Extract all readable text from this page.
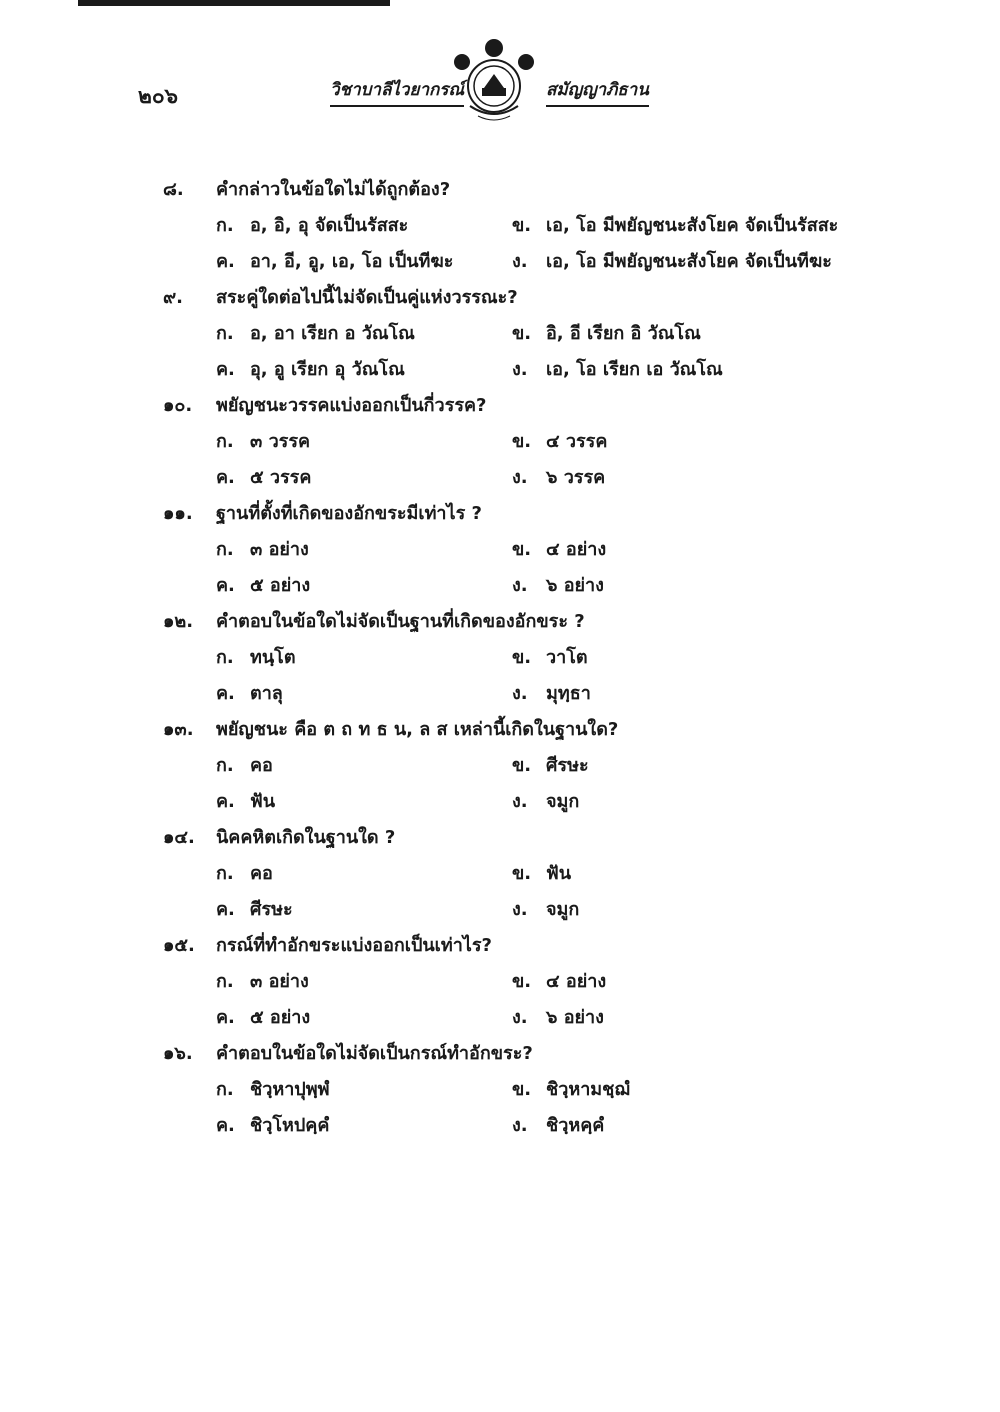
๒๐๖	วิชาบาลีไวยากรณ์	สมัญญาภิธาน
๘. คำกล่าวในข้อใดไม่ได้ถูกต้อง?
ก. อ, อิ, อุ จัดเป็นรัสสะ	ข. เอ, โอ มีพยัญชนะสังโยค จัดเป็นรัสสะ
ค. อา, อี, อู, เอ, โอ เป็นทีฆะ	ง. เอ, โอ มีพยัญชนะสังโยค จัดเป็นทีฆะ
๙. สระคู่ใดต่อไปนี้ไม่จัดเป็นคู่แห่งวรรณะ?
ก. อ, อา เรียก อ วัณโณ	ข. อิ, อี เรียก อิ วัณโณ
ค. อุ, อู เรียก อุ วัณโณ	ง. เอ, โอ เรียก เอ วัณโณ
๑๐. พยัญชนะวรรคแบ่งออกเป็นกี่วรรค?
ก. ๓ วรรค	ข. ๔ วรรค
ค. ๕ วรรค	ง. ๖ วรรค
๑๑. ฐานที่ตั้งที่เกิดของอักขระมีเท่าไร ?
ก. ๓ อย่าง	ข. ๔ อย่าง
ค. ๕ อย่าง	ง. ๖ อย่าง
๑๒. คำตอบในข้อใดไม่จัดเป็นฐานที่เกิดของอักขระ ?
ก. ทนฺโต	ข. วาโต
ค. ตาลุ	ง. มุทฺธา
๑๓. พยัญชนะ คือ ต ถ ท ธ น, ล ส เหล่านี้เกิดในฐานใด?
ก. คอ	ข. ศีรษะ
ค. ฟัน	ง. จมูก
๑๔. นิคคหิตเกิดในฐานใด ?
ก. คอ	ข. ฟัน
ค. ศีรษะ	ง. จมูก
๑๕. กรณ์ที่ทำอักขระแบ่งออกเป็นเท่าไร?
ก. ๓ อย่าง	ข. ๔ อย่าง
ค. ๕ อย่าง	ง. ๖ อย่าง
๑๖. คำตอบในข้อใดไม่จัดเป็นกรณ์ทำอักขระ?
ก. ชิวฺหาปุพฺพํ	ข. ชิวฺหามชฺฌํ
ค. ชิวฺโหปคฺคํ	ง. ชิวฺหคฺคํ
